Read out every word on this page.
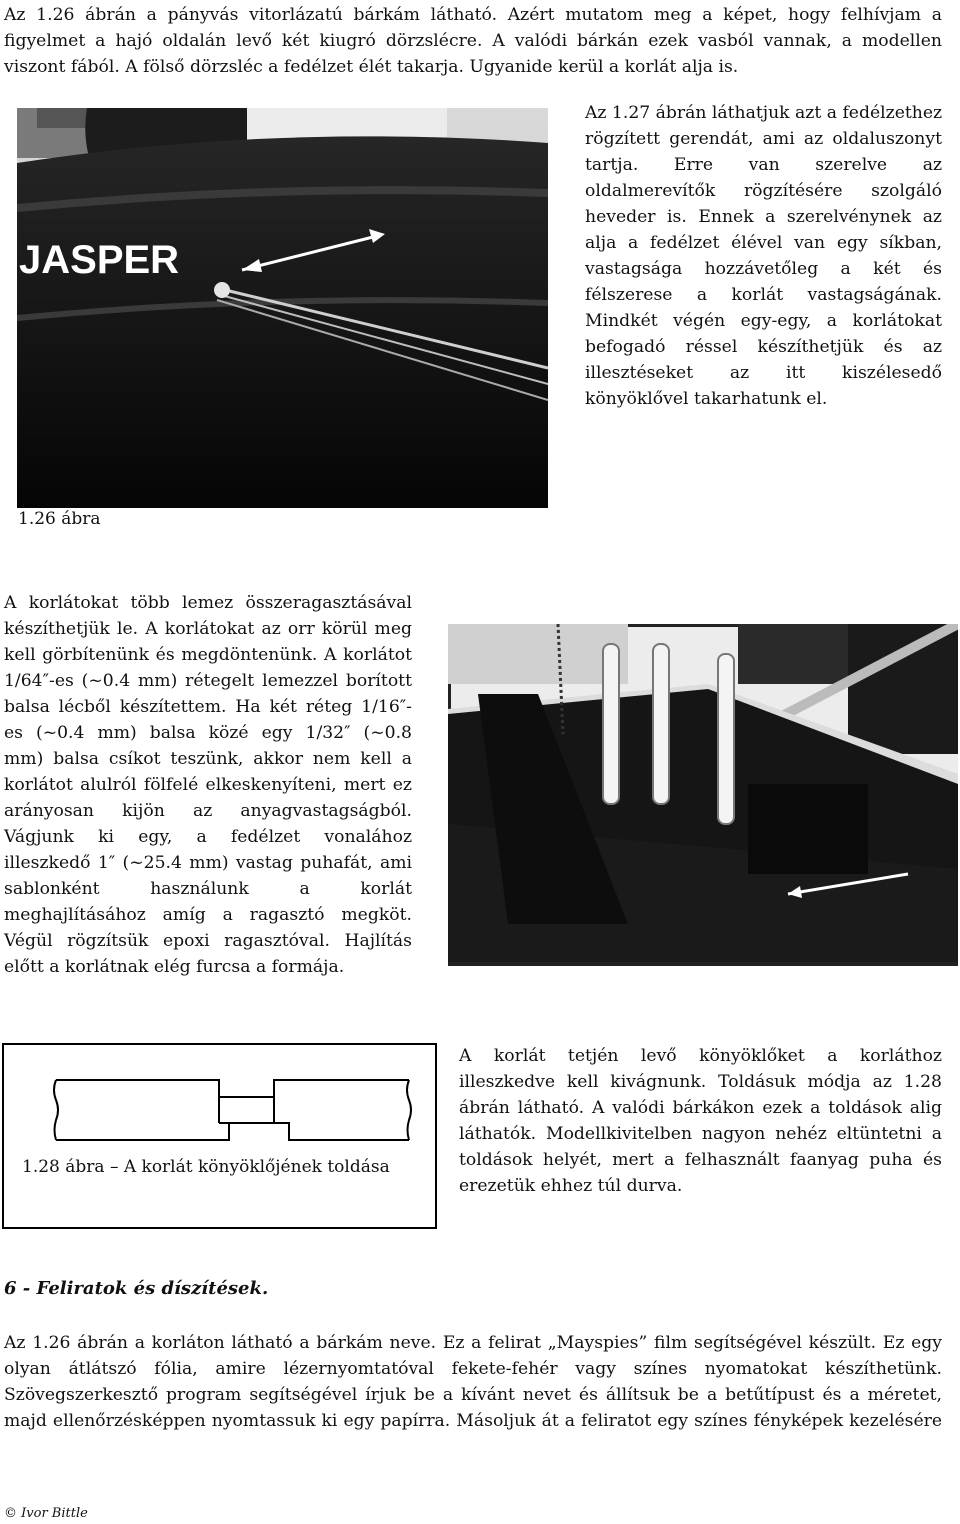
Az 1.26 ábrán a pányvás vitorlázatú bárkám látható. Azért mutatom meg a képet, hogy felhívjam a
figyelmet a hajó oldalán levő két kiugró dörzslécre. A valódi bárkán ezek vasból vannak, a modellen
viszont fából. A fölső dörzsléc a fedélzet élét takarja. Ugyanide kerül a korlát alja is.
JASPER
Az 1.27 ábrán láthatjuk azt a fedélzethez
rögzített gerendát, ami az oldaluszonyt
tartja. Erre van szerelve az
oldalmerevítők rögzítésére szolgáló
heveder is. Ennek a szerelvénynek az
alja a fedélzet élével van egy síkban,
vastagsága hozzávetőleg a két és
félszerese a korlát vastagságának.
Mindkét végén egy-egy, a korlátokat
befogadó réssel készíthetjük és az
illesztéseket az itt kiszélesedő
könyöklővel takarhatunk el.
1.26 ábra
A korlátokat több lemez összeragasztásával
készíthetjük le. A korlátokat az orr körül meg
kell görbítenünk és megdöntenünk. A korlátot
1/64″-es (~0.4 mm) rétegelt lemezzel borított
balsa lécből készítettem. Ha két réteg 1/16″-
es (~0.4 mm) balsa közé egy 1/32″ (~0.8
mm) balsa csíkot teszünk, akkor nem kell a
korlátot alulról fölfelé elkeskenyíteni, mert ez
arányosan kijön az anyagvastagságból.
Vágjunk ki egy, a fedélzet vonalához
illeszkedő 1″ (~25.4 mm) vastag puhafát, ami
sablonként használunk a korlát
meghajlításához amíg a ragasztó megköt.
Végül rögzítsük epoxi ragasztóval. Hajlítás
előtt a korlátnak elég furcsa a formája.
1.28 ábra – A korlát könyöklőjének toldása
A korlát tetjén levő könyöklőket a korláthoz
illeszkedve kell kivágnunk. Toldásuk módja az 1.28
ábrán látható. A valódi bárkákon ezek a toldások alig
láthatók. Modellkivitelben nagyon nehéz eltüntetni a
toldások helyét, mert a felhasznált faanyag puha és
erezetük ehhez túl durva.
6 - Feliratok és díszítések.
Az 1.26 ábrán a korláton látható a bárkám neve. Ez a felirat „Mayspies” film segítségével készült. Ez egy
olyan átlátszó fólia, amire lézernyomtatóval fekete-fehér vagy színes nyomatokat készíthetünk.
Szövegszerkesztő program segítségével írjuk be a kívánt nevet és állítsuk be a betűtípust és a méretet,
majd ellenőrzésképpen nyomtassuk ki egy papírra. Másoljuk át a feliratot egy színes fényképek kezelésére
© Ivor Bittle
